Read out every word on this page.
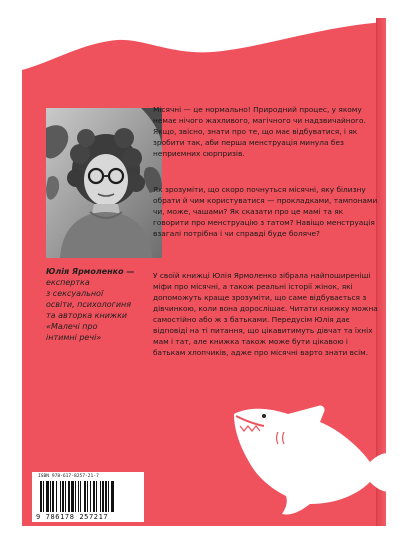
Юлія Ярмоленко —

експертка
з сексуальної
освіти, психологиня
та авторка книжки
«Малечі про
інтимні речі»

Місячні — це нормально! Природний процес, у якому немає нічого жахливого, магічного чи надзвичайного. Якщо, звісно, знати про те, що має відбуватися, і як зробити так, аби перша менструація минула без неприємних сюрпризів.

Як зрозуміти, що скоро почнуться місячні, яку білизну обрати й чим користуватися — прокладками, тампонами чи, може, чашами? Як сказати про це мамі та як говорити про менструацію з татом? Навіщо менструація взагалі потрібна і чи справді буде боляче?

У своїй книжці Юлія Ярмоленко зібрала найпоширеніші міфи про місячні, а також реальні історії жінок, які допоможуть краще зрозуміти, що саме відбувається з дівчинкою, коли вона дорослішає. Читати книжку можна самостійно або ж з батьками. Передусім Юлія дає відповіді на ті питання, що цікавитимуть дівчат та їхніх мам і тат, але книжка також може бути цікавою і батькам хлопчиків, адже про місячні варто знати всім.

ISBN 978-617-8257-21-7

9 786178 257217
